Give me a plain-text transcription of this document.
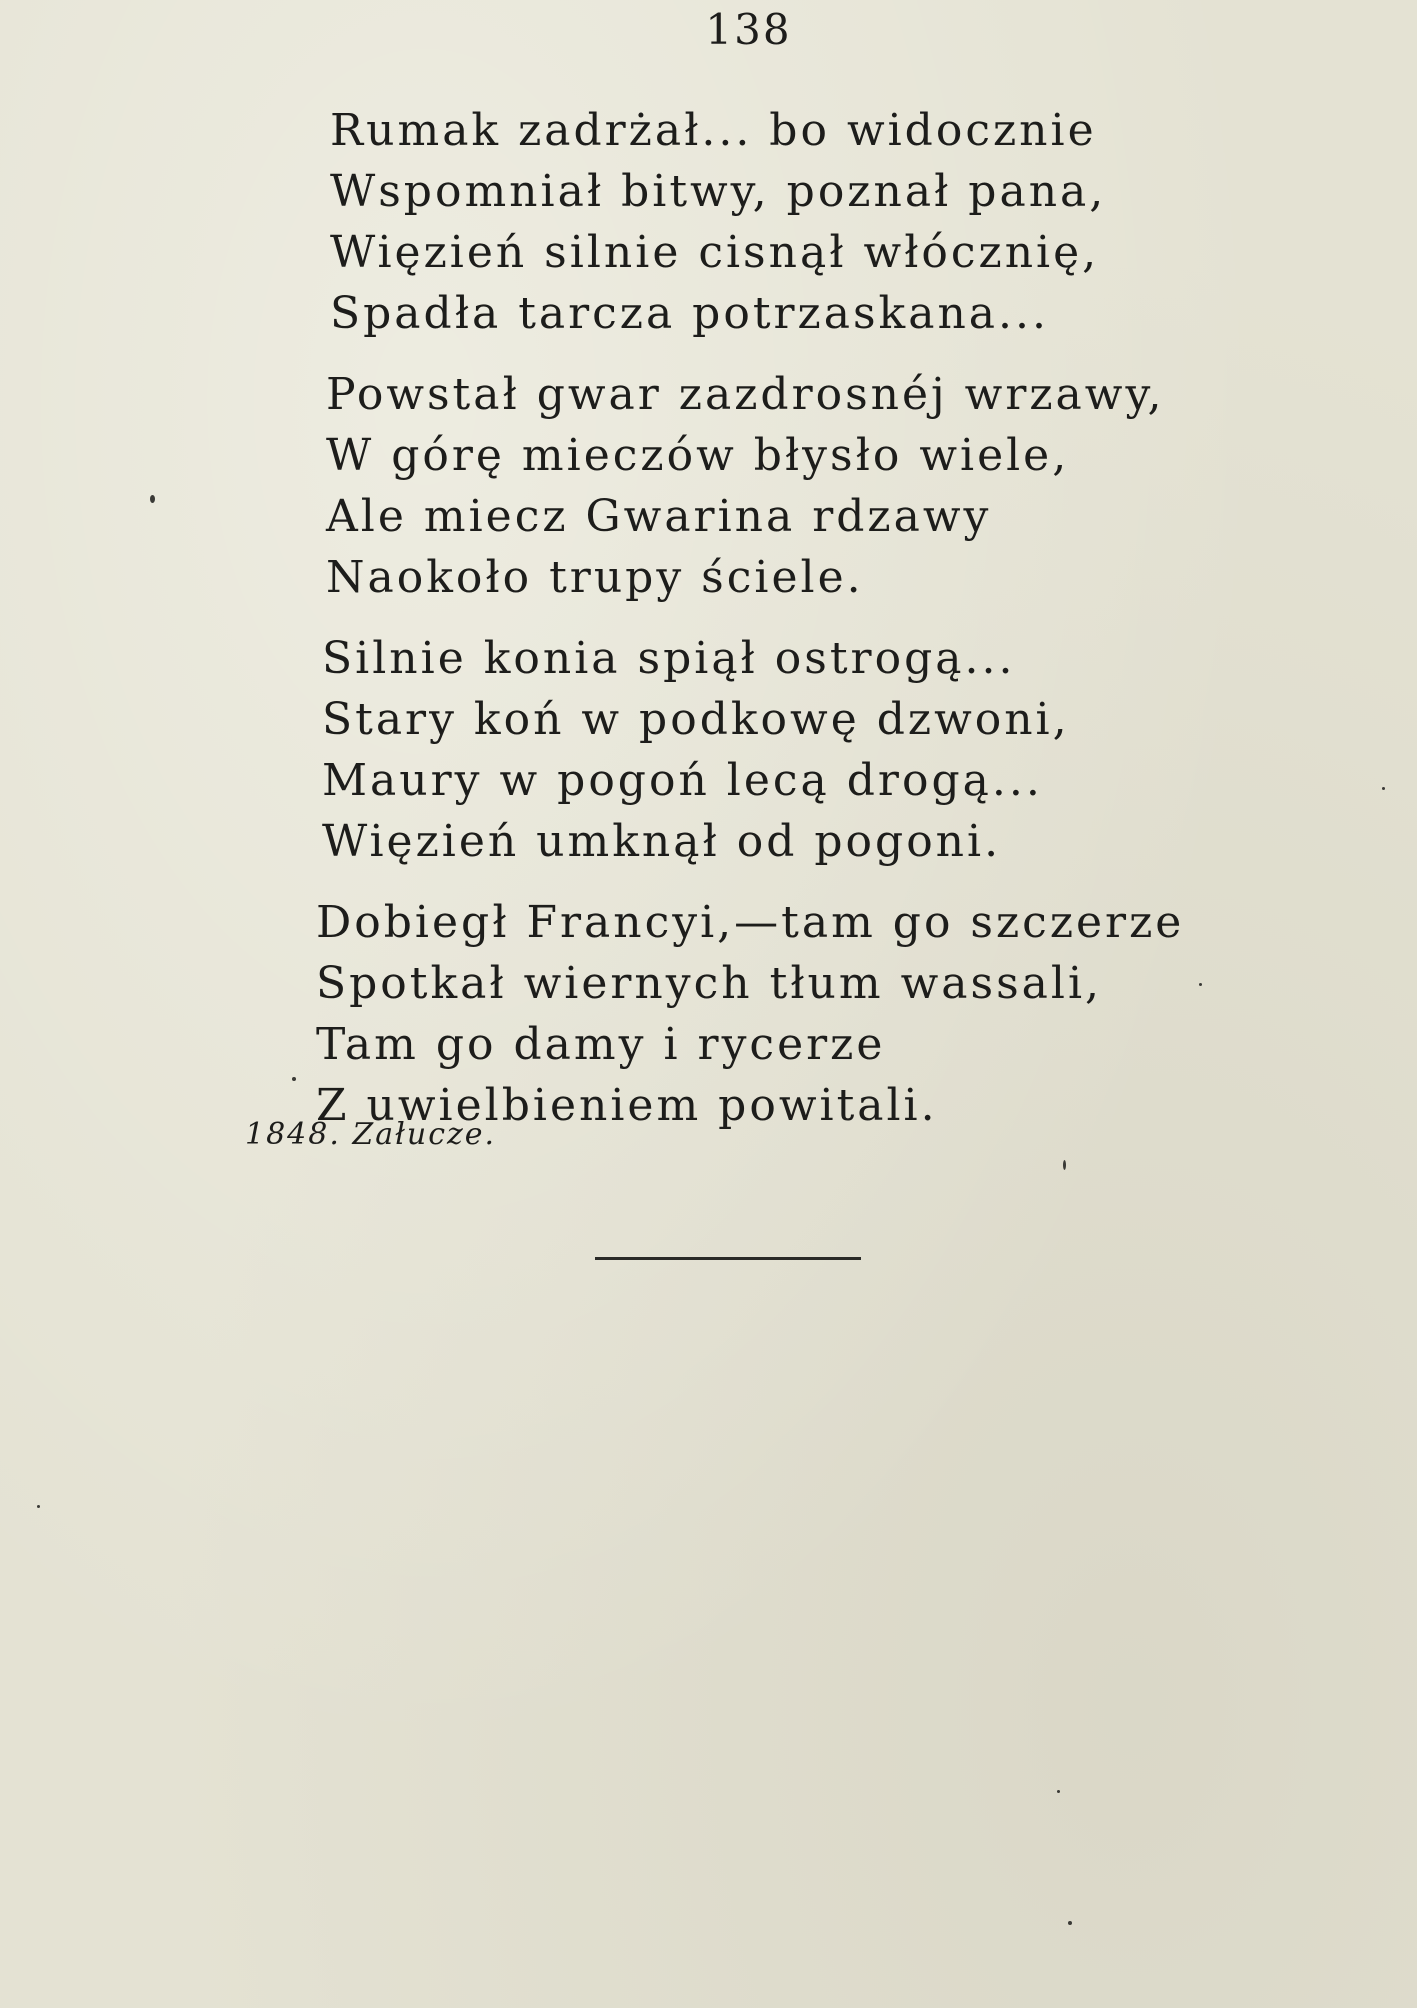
138
Rumak zadrżał... bo widocznie
Wspomniał bitwy, poznał pana,
Więzień silnie cisnął włócznię,
Spadła tarcza potrzaskana...
Powstał gwar zazdrosnéj wrzawy,
W górę mieczów błysło wiele,
Ale miecz Gwarina rdzawy
Naokoło trupy ściele.
Silnie konia spiął ostrogą...
Stary koń w podkowę dzwoni,
Maury w pogoń lecą drogą...
Więzień umknął od pogoni.
Dobiegł Francyi,—tam go szczerze
Spotkał wiernych tłum wassali,
Tam go damy i rycerze
Z uwielbieniem powitali.
1848. Załucze.
